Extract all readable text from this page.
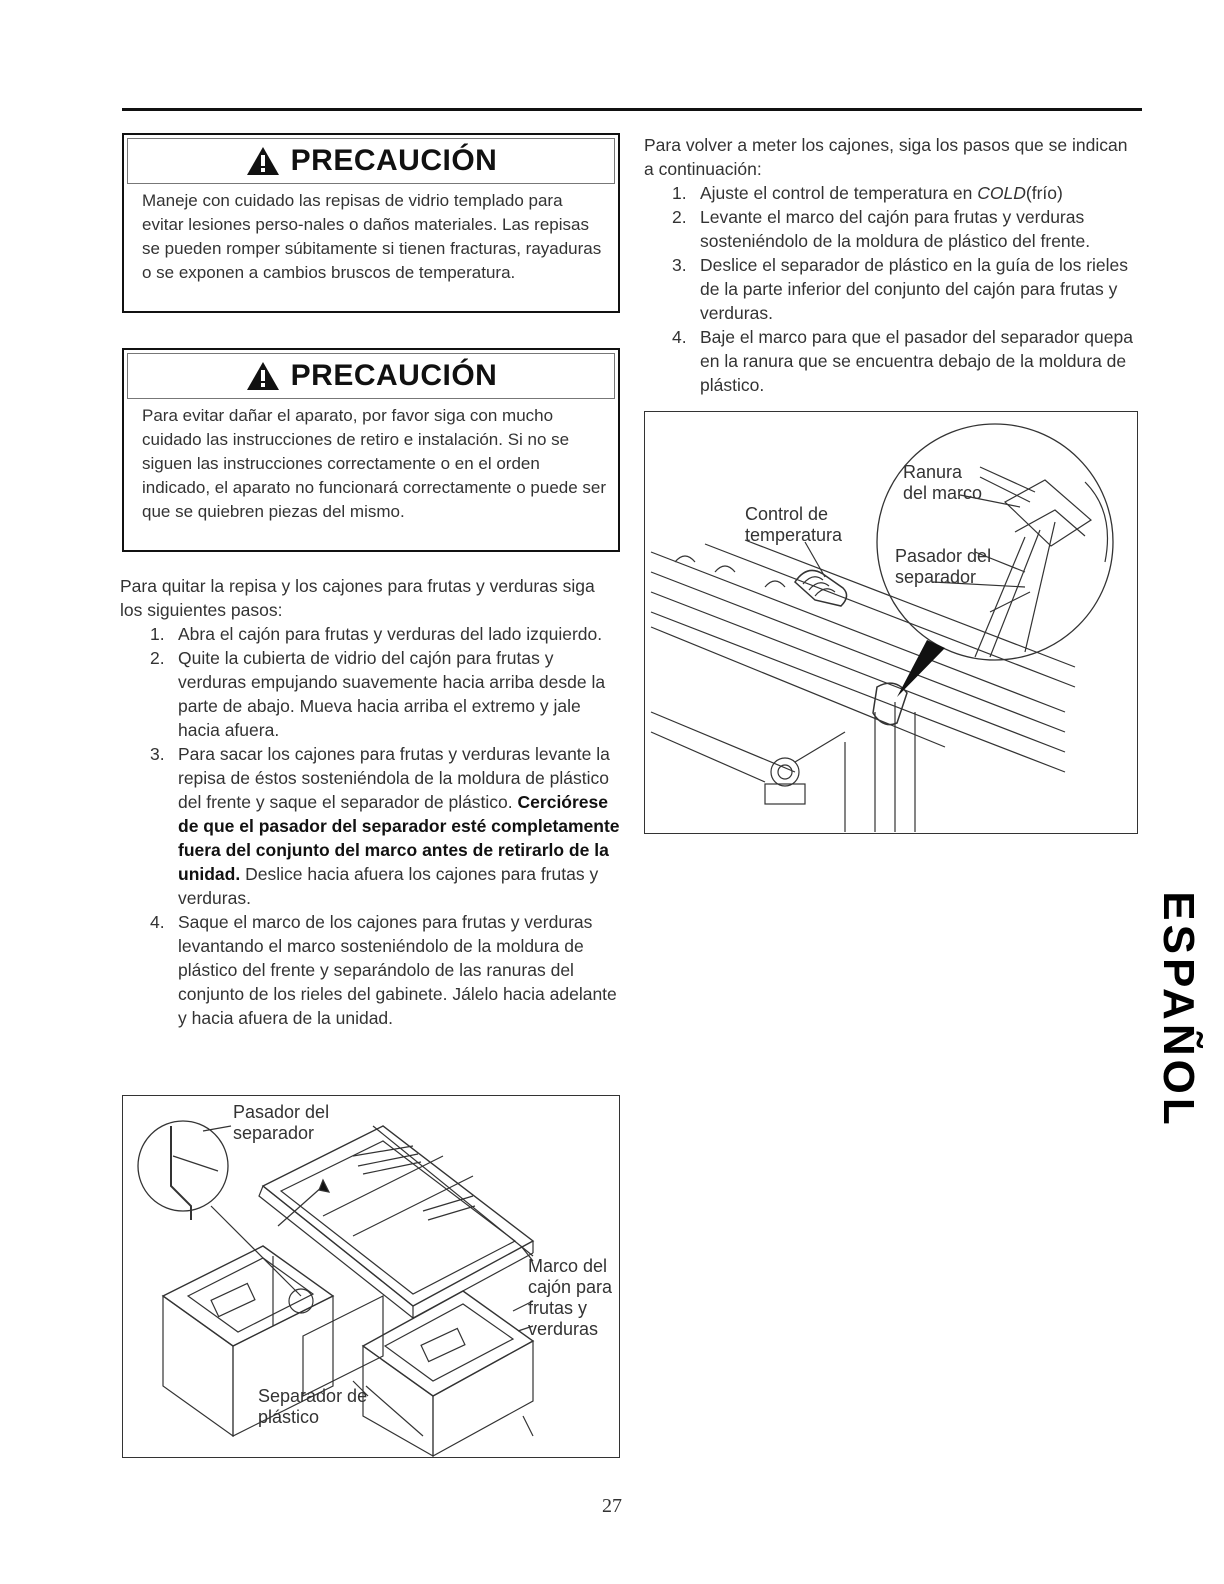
PRECAUCIÓN
Maneje con cuidado las repisas de vidrio templado para evitar lesiones perso-nales o daños materiales. Las repisas se pueden romper súbitamente si tienen fracturas, rayaduras o se exponen a cambios bruscos de temperatura.
PRECAUCIÓN
Para evitar dañar el aparato, por favor siga con mucho cuidado las instrucciones de retiro e instalación. Si no se siguen las instrucciones correctamente o en el orden indicado, el aparato no funcionará correctamente o puede ser que se quiebren piezas del mismo.

Para quitar la repisa y los cajones para frutas y verduras siga los siguientes pasos:

1. Abra el cajón para frutas y verduras del lado izquierdo.
2. Quite la cubierta de vidrio del cajón para frutas y verduras empujando suavemente hacia arriba desde la parte de abajo. Mueva hacia arriba el extremo y jale hacia afuera.
3. Para sacar los cajones para frutas y verduras levante la repisa de éstos sosteniéndola de la moldura de plástico del frente y saque el separador de plástico. Cerciórese de que el pasador del separador esté completamente fuera del conjunto del marco antes de retirarlo de la unidad. Deslice hacia afuera los cajones para frutas y verduras.
4. Saque el marco de los cajones para frutas y verduras levantando el marco sosteniéndolo de la moldura de plástico del frente y separándolo de las ranuras del conjunto de los rieles del gabinete. Jálelo hacia adelante y hacia afuera de la unidad.

Para volver a meter los cajones, siga los pasos que se indican a continuación:

1. Ajuste el control de temperatura en COLD(frío)
2. Levante el marco del cajón para frutas y verduras sosteniéndolo de la moldura de plástico del frente.
3. Deslice el separador de plástico en la guía de los rieles de la parte inferior del conjunto del cajón para frutas y verduras.
4. Baje el marco para que el pasador del separador quepa en la ranura que se encuentra debajo de la moldura de plástico.
Control de temperatura
Ranura del marco
Pasador del separador
Pasador del separador
Marco del cajón para frutas y verduras
Separador de plástico
ESPAÑOL
27
